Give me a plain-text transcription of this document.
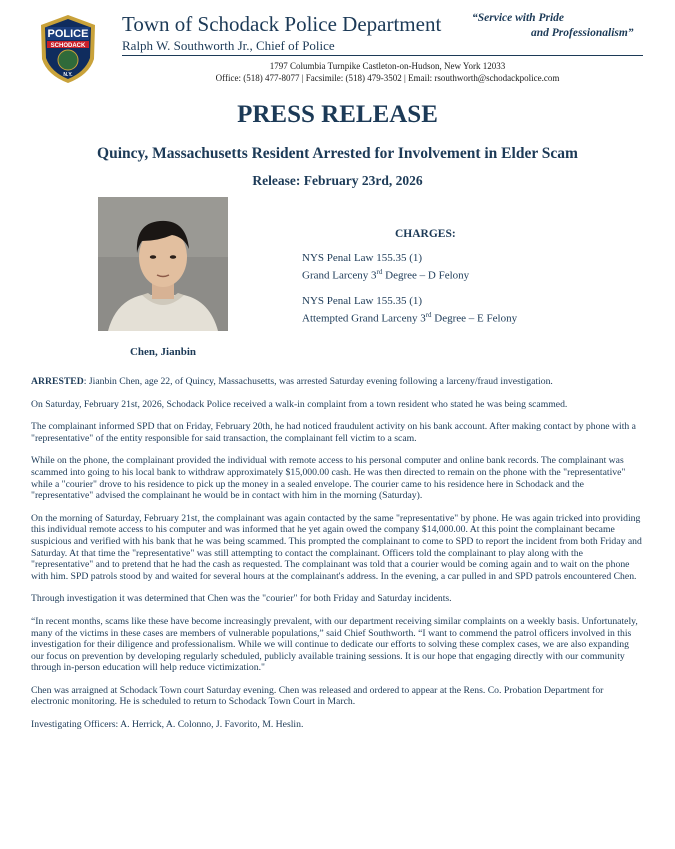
POLICE
SCHODACK
N.Y.
Town of Schodack Police Department
Ralph W. Southworth Jr., Chief of Police
“Service with Pride
and Professionalism”
1797 Columbia Turnpike Castleton-on-Hudson, New York 12033
Office: (518) 477-8077 | Facsimile: (518) 479-3502 | Email: rsouthworth@schodackpolice.com
PRESS RELEASE
Quincy, Massachusetts Resident Arrested for Involvement in Elder Scam
Release: February 23rd, 2026
Chen, Jianbin
CHARGES:
NYS Penal Law 155.35 (1)
Grand Larceny 3rd Degree – D Felony
NYS Penal Law 155.35 (1)
Attempted Grand Larceny 3rd Degree – E Felony

ARRESTED: Jianbin Chen, age 22, of Quincy, Massachusetts, was arrested Saturday evening following a larceny/fraud investigation.

On Saturday, February 21st, 2026, Schodack Police received a walk-in complaint from a town resident who stated he was being scammed.

The complainant informed SPD that on Friday, February 20th, he had noticed fraudulent activity on his bank account. After making contact by phone with a "representative" of the entity responsible for said transaction, the complainant fell victim to a scam.

While on the phone, the complainant provided the individual with remote access to his personal computer and online bank records. The complainant was scammed into going to his local bank to withdraw approximately $15,000.00 cash. He was then directed to remain on the phone with the "representative" while a "courier" drove to his residence to pick up the money in a sealed envelope. The courier came to his residence here in Schodack and the "representative" advised the complainant he would be in contact with him in the morning (Saturday).

On the morning of Saturday, February 21st, the complainant was again contacted by the same "representative" by phone. He was again tricked into providing this individual remote access to his computer and was informed that he yet again owed the company $14,000.00. At this point the complainant became suspicious and verified with his bank that he was being scammed. This prompted the complainant to come to SPD to report the incident from both Friday and Saturday. At that time the "representative" was still attempting to contact the complainant. Officers told the complainant to play along with the "representative" and to pretend that he had the cash as requested. The complainant was told that a courier would be coming again and to wait on the phone with him. SPD patrols stood by and waited for several hours at the complainant's address. In the evening, a car pulled in and SPD patrols encountered Chen.

Through investigation it was determined that Chen was the "courier" for both Friday and Saturday incidents.

“In recent months, scams like these have become increasingly prevalent, with our department receiving similar complaints on a weekly basis. Unfortunately, many of the victims in these cases are members of vulnerable populations,” said Chief Southworth. “I want to commend the patrol officers involved in this investigation for their diligence and professionalism. While we will continue to dedicate our efforts to solving these complex cases, we are also expanding our focus on prevention by developing regularly scheduled, publicly available training sessions. It is our hope that engaging directly with our community through in-person education will help reduce victimization."

Chen was arraigned at Schodack Town court Saturday evening. Chen was released and ordered to appear at the Rens. Co. Probation Department for electronic monitoring. He is scheduled to return to Schodack Town Court in March.

Investigating Officers: A. Herrick, A. Colonno, J. Favorito, M. Heslin.
